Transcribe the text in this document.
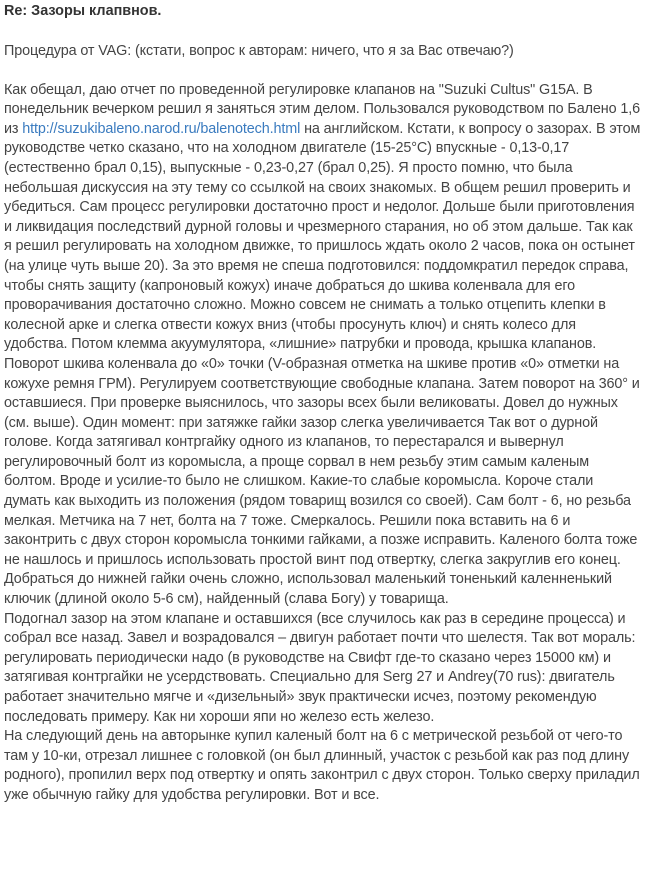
Re: Зазоры клапвнов.

Процедура от VAG: (кстати, вопрос к авторам: ничего, что я за Вас отвечаю?)

Как обещал, даю отчет по проведенной регулировке клапанов на "Suzuki Cultus" G15A. В понедельник вечерком решил я заняться этим делом. Пользовался руководством по Балено 1,6 из http://suzukibaleno.narod.ru/balenotech.html на английском. Кстати, к вопросу о зазорах. В этом руководстве четко сказано, что на холодном двигателе (15-25°С) впускные - 0,13-0,17 (естественно брал 0,15), выпускные - 0,23-0,27 (брал 0,25). Я просто помню, что была небольшая дискуссия на эту тему со ссылкой на своих знакомых. В общем решил проверить и убедиться. Сам процесс регулировки достаточно прост и недолог. Дольше были приготовления и ликвидация последствий дурной головы и чрезмерного старания, но об этом дальше. Так как я решил регулировать на холодном движке, то пришлось ждать около 2 часов, пока он остынет (на улице чуть выше 20). За это время не спеша подготовился: поддомкратил передок справа, чтобы снять защиту (капроновый кожух) иначе добраться до шкива коленвала для его проворачивания достаточно сложно. Можно совсем не снимать а только отцепить клепки в колесной арке и слегка отвести кожух вниз (чтобы просунуть ключ) и снять колесо для удобства. Потом клемма акуумулятора, «лишние» патрубки и провода, крышка клапанов. Поворот шкива коленвала до «0» точки (V-образная отметка на шкиве против «0» отметки на кожухе ремня ГРМ). Регулируем соответствующие свободные клапана. Затем поворот на 360° и оставшиеся. При проверке выяснилось, что зазоры всех были великоваты. Довел до нужных (см. выше). Один момент: при затяжке гайки зазор слегка увеличивается Так вот о дурной голове. Когда затягивал контргайку одного из клапанов, то перестарался и вывернул регулировочный болт из коромысла, а проще сорвал в нем резьбу этим самым каленым болтом. Вроде и усилие-то было не слишком. Какие-то слабые коромысла. Короче стали думать как выходить из положения (рядом товарищ возился со своей). Сам болт - 6, но резьба мелкая. Метчика на 7 нет, болта на 7 тоже. Смеркалось. Решили пока вставить на 6 и законтрить с двух сторон коромысла тонкими гайками, а позже исправить. Каленого болта тоже не нашлось и пришлось использовать простой винт под отвертку, слегка закруглив его конец. Добраться до нижней гайки очень сложно, использовал маленький тоненький каленненький ключик (длиной около 5-6 см), найденный (слава Богу) у товарища.

Подогнал зазор на этом клапане и оставшихся (все случилось как раз в середине процесса) и собрал все назад. Завел и возрадовался – двигун работает почти что шелестя. Так вот мораль: регулировать периодически надо (в руководстве на Свифт где-то сказано через 15000 км) и затягивая контргайки не усердствовать. Специально для Serg 27 и Andrey(70 rus): двигатель работает значительно мягче и «дизельный» звук практически исчез, поэтому рекомендую последовать примеру. Как ни хороши япи но железо есть железо.

На следующий день на авторынке купил каленый болт на 6 с метрической резьбой от чего-то там у 10-ки, отрезал лишнее с головкой (он был длинный, участок с резьбой как раз под длину родного), пропилил верх под отвертку и опять законтрил с двух сторон. Только сверху приладил уже обычную гайку для удобства регулировки. Вот и все.
